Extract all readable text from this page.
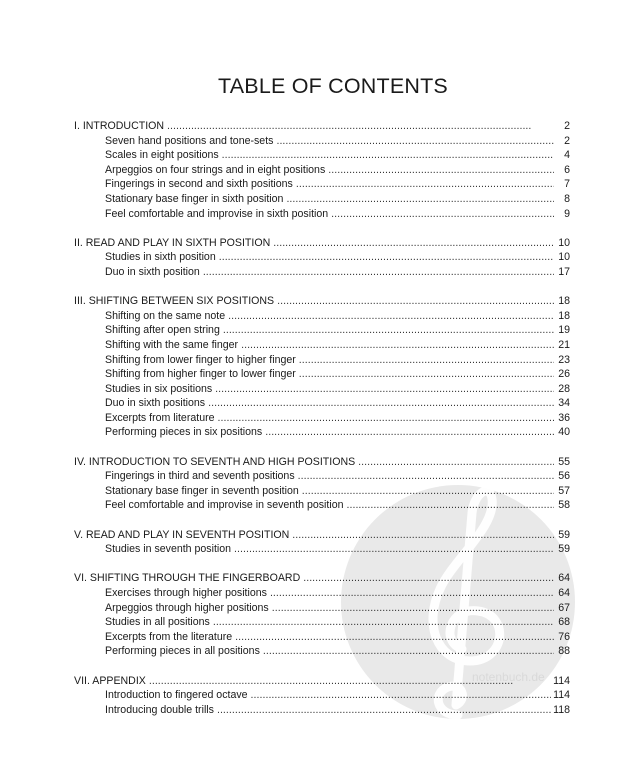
notenbuch.de
TABLE OF CONTENTS
I. INTRODUCTION . . .	2
Seven hand positions and tone-sets . . .	2
Scales in eight positions . . .	4
Arpeggios on four strings and in eight positions . . .	6
Fingerings in second and sixth positions . . .	7
Stationary base finger in sixth position . . .	8
Feel comfortable and improvise in sixth position . . .	9
II. READ AND PLAY IN SIXTH POSITION . . .	10
Studies in sixth position . . .	10
Duo in sixth position . . .	17
III. SHIFTING BETWEEN SIX POSITIONS . . .	18
Shifting on the same note . . .	18
Shifting after open string . . .	19
Shifting with the same finger . . .	21
Shifting from lower finger to higher finger . . .	23
Shifting from higher finger to lower finger . . .	26
Studies in six positions . . .	28
Duo in sixth positions . . .	34
Excerpts from literature . . .	36
Performing pieces in six positions . . .	40
IV. INTRODUCTION TO SEVENTH AND HIGH POSITIONS . . .	55
Fingerings in third and seventh positions . . .	56
Stationary base finger in seventh position . . .	57
Feel comfortable and improvise in seventh position . . .	58
V. READ AND PLAY IN SEVENTH POSITION . . .	59
Studies in seventh position . . .	59
VI. SHIFTING THROUGH THE FINGERBOARD . . .	64
Exercises through higher positions . . .	64
Arpeggios through higher positions . . .	67
Studies in all positions . . .	68
Excerpts from the literature . . .	76
Performing pieces in all positions . . .	88
VII. APPENDIX . . .	114
Introduction to fingered octave . . .	114
Introducing double trills . . .	118
